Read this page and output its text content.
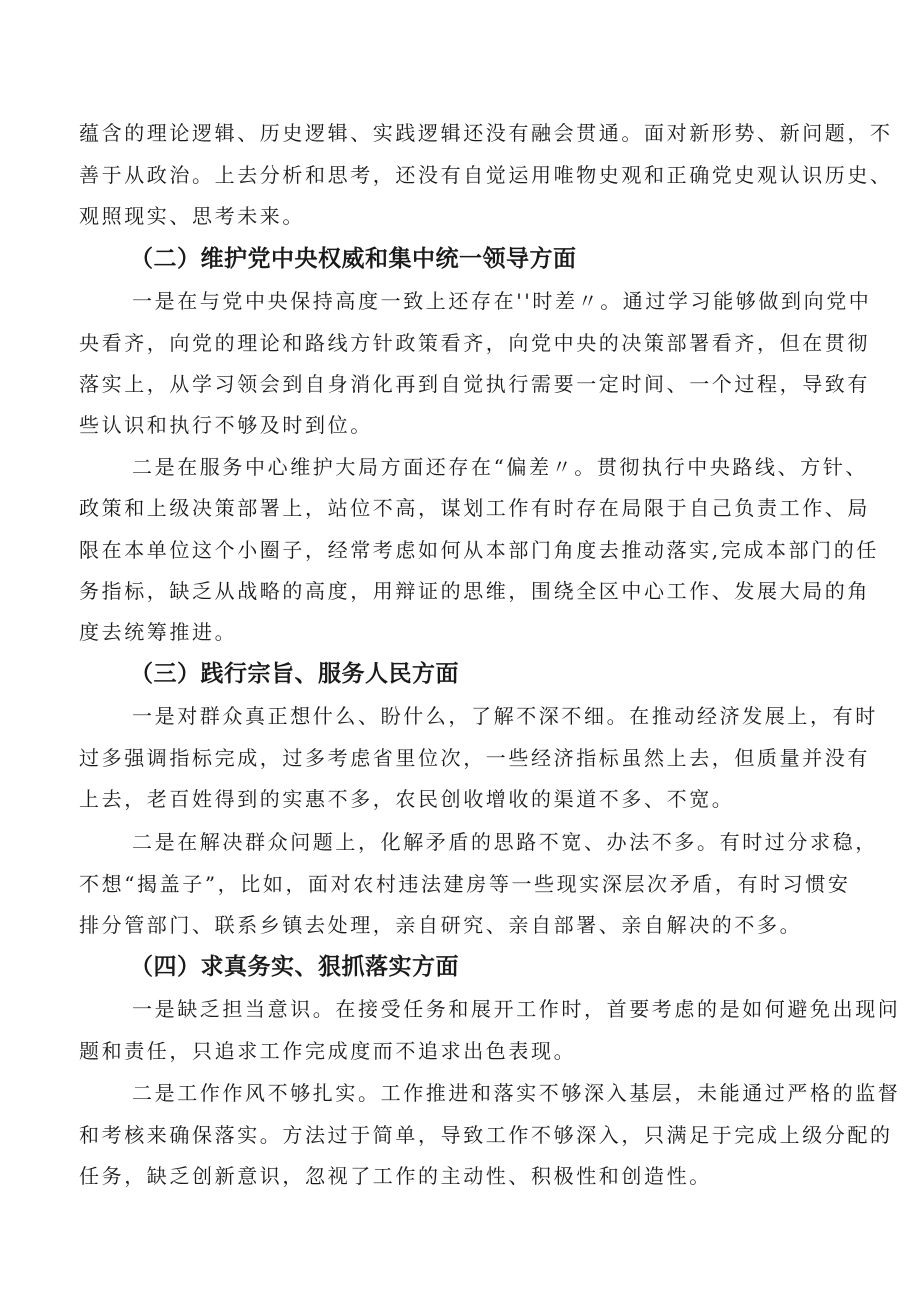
蕴含的理论逻辑、历史逻辑、实践逻辑还没有融会贯通。面对新形势、新问题，不
善于从政治。上去分析和思考，还没有自觉运用唯物史观和正确党史观认识历史、
观照现实、思考未来。
（二）维护党中央权威和集中统一领导方面
一是在与党中央保持高度一致上还存在''时差〃。通过学习能够做到向党中
央看齐，向党的理论和路线方针政策看齐，向党中央的决策部署看齐，但在贯彻
落实上，从学习领会到自身消化再到自觉执行需要一定时间、一个过程，导致有
些认识和执行不够及时到位。
二是在服务中心维护大局方面还存在“偏差〃。贯彻执行中央路线、方针、
政策和上级决策部署上，站位不高，谋划工作有时存在局限于自己负责工作、局
限在本单位这个小圈子，经常考虑如何从本部门角度去推动落实,完成本部门的任
务指标，缺乏从战略的高度，用辩证的思维，围绕全区中心工作、发展大局的角
度去统筹推进。
（三）践行宗旨、服务人民方面
一是对群众真正想什么、盼什么，了解不深不细。在推动经济发展上，有时
过多强调指标完成，过多考虑省里位次，一些经济指标虽然上去，但质量并没有
上去，老百姓得到的实惠不多，农民创收增收的渠道不多、不宽。
二是在解决群众问题上，化解矛盾的思路不宽、办法不多。有时过分求稳，
不想“揭盖子”，比如，面对农村违法建房等一些现实深层次矛盾，有时习惯安
排分管部门、联系乡镇去处理，亲自研究、亲自部署、亲自解决的不多。
（四）求真务实、狠抓落实方面
一是缺乏担当意识。在接受任务和展开工作时，首要考虑的是如何避免出现问
题和责任，只追求工作完成度而不追求出色表现。
二是工作作风不够扎实。工作推进和落实不够深入基层，未能通过严格的监督
和考核来确保落实。方法过于简单，导致工作不够深入，只满足于完成上级分配的
任务，缺乏创新意识，忽视了工作的主动性、积极性和创造性。
